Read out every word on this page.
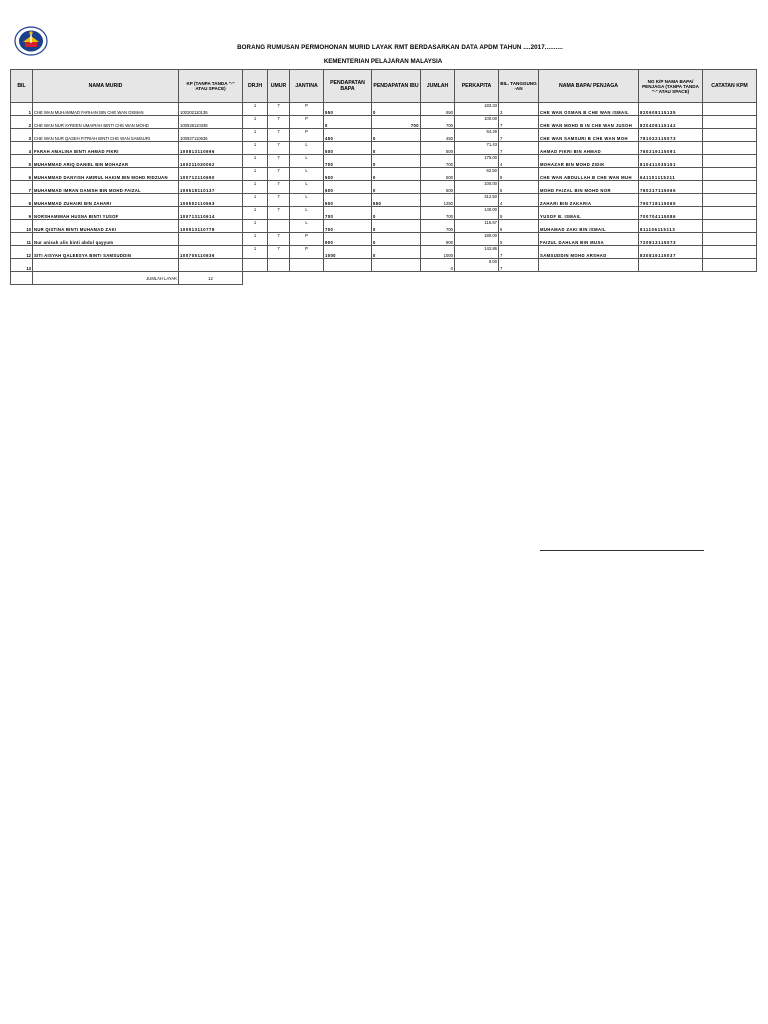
BORANG RUMUSAN PERMOHONAN MURID LAYAK RMT BERDASARKAN DATA APDM TAHUN ....2017..........
KEMENTERIAN PELAJARAN MALAYSIA
BIL	NAMA MURID	KP (TANPA TANDA "-" ATAU SPACE)	DRJH	UMUR	JANTINA	PENDAPATAN BAPA	PENDAPATAN IBU	JUMLAH	PERKAPITA	BIL. TANGGUNG -AN	NAMA BAPA/ PENJAGA	NO K/P NAMA BAPA/ PENJAGA (TANPA TANDA "-" ATAU SPACE)	CATATAN KPM
1	CHE WAN MUHAMMAD FARHAN BIN CHE WAN OSMAN	100202110135	1	7	P	550	0	550	183.33	3	CHE WAN OSMAN B CHE WAN ISMAIL	820608115135	
2	CHE WAN NUR AYREEN UMAIRAH BINTI CHE WAN MOHD	100528110338	1	7	P	0	700	700	100.00	7	CHE WAN MOHD B IN CHE WAN JUSOH	820408115142	
3	CHE WAN NUR QASEH FITRIAH BINTI CHE WAN SAMSURI	100927110636	1	7	P	450	0	450	64.29	7	CHE WAN SAMSURI B CHE WAN MOH	781022115073	
4	FARAH AMALINA BINTI AHMAD FIKRI	100813110696	1	7	L	500	0	500	71.43	7	AHMAD FIKRI BIN AHMAD	760219115091	
5	MUHAMMAD ARIQ DANIEL BIN MOHAZAR	100211030062	1	7	L	700	0	700	175.00	4	MOHAZAR BIN MOHD ZIDIK	810411035151	
6	MUHAMMAD DANYISH AMIRUL HAKIM BIN MOHD RIDZUAN	100712110690	1	7	L	500	0	500	62.50	8	CHE WAN ABDULLAH B CHE WAN MUH	641101115211	
7	MUHAMMAD IMRAN DANISH BIN MOHD FAIZAL	100518110137	1	7	L	500	0	500	100.00	5	MOHD FAIZAL BIN MOHD NOR	780217115065	
8	MUHAMMAD ZUHAIRI BIN ZAHARI	100502110663	1	7	L	600	650	1250	312.50	4	ZAHARI BIN ZAKARIA	790718115065	
9	NORSHAMIMAH HUSNA BINTI YUSOF	100713110614	1	7	L	700	0	700	140.00	5	YUSOF B. ISMAIL	700704115086	
10	NUR QISTINA BINTI MUHAMAD ZAKI	100913110778	1		L	700	0	700	116.67	6	MUHAMAD ZAKI BIN ISMAIL	811106115113	
11	Nur anisah alis binti abdul qayyum		1	7	P	900	0	900	180.00	5	FAIZUL DAHLAN BIN MUSA	720813115073	
12	SITI AISYAH QALEESYA BINTI SAMSUDDIN	100705110636	1	7	P	1000	0	1000	142.86	7	SAMSUDDIN MOHD ARSHAD	830816115037	
13								0	0.00	7			
	JUMLAH LAYAK	12											
